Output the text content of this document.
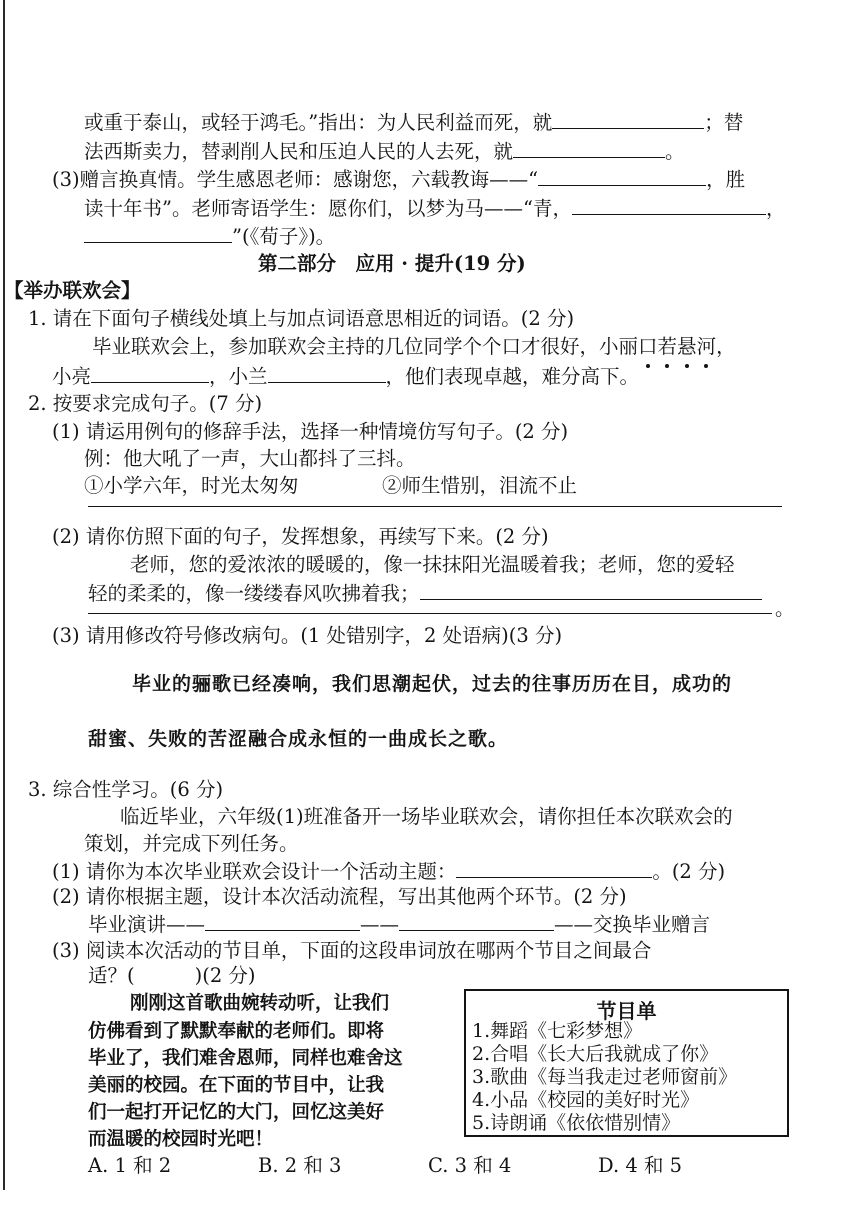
或重于泰山，或轻于鸿毛。”指出：为人民利益而死，就	；替
法西斯卖力，替剥削人民和压迫人民的人去死，就	。
(3)赠言换真情。学生感恩老师：感谢您，六载教诲——“	，胜
读十年书”。老师寄语学生：愿你们，以梦为马——“青，	，
”(《荀子》)。
第二部分　应用 · 提升(19 分)
【举办联欢会】
1. 请在下面句子横线处填上与加点词语意思相近的词语。(2 分)
毕业联欢会上，参加联欢会主持的几位同学个个口才很好，小丽口若悬河，
小亮	，小兰	，他们表现卓越，难分高下。
2. 按要求完成句子。(7 分)
(1) 请运用例句的修辞手法，选择一种情境仿写句子。(2 分)
例：他大吼了一声，大山都抖了三抖。
①小学六年，时光太匆匆	②师生惜别，泪流不止
(2) 请你仿照下面的句子，发挥想象，再续写下来。(2 分)
老师，您的爱浓浓的暖暖的，像一抹抹阳光温暖着我；老师，您的爱轻
轻的柔柔的，像一缕缕春风吹拂着我；
。
(3) 请用修改符号修改病句。(1 处错别字，2 处语病)(3 分)
毕业的骊歌已经凑响，我们思潮起伏，过去的往事历历在目，成功的
甜蜜、失败的苦涩融合成永恒的一曲成长之歌。
3. 综合性学习。(6 分)
临近毕业，六年级(1)班准备开一场毕业联欢会，请你担任本次联欢会的
策划，并完成下列任务。
(1) 请你为本次毕业联欢会设计一个活动主题：	。(2 分)
(2) 请你根据主题，设计本次活动流程，写出其他两个环节。(2 分)
毕业演讲——	——	——交换毕业赠言
(3) 阅读本次活动的节目单，下面的这段串词放在哪两个节目之间最合
适？(	)(2 分)
刚刚这首歌曲婉转动听，让我们
仿佛看到了默默奉献的老师们。即将
毕业了，我们难舍恩师，同样也难舍这
美丽的校园。在下面的节目中，让我
们一起打开记忆的大门，回忆这美好
而温暖的校园时光吧！
节目单
1.舞蹈《七彩梦想》
2.合唱《长大后我就成了你》
3.歌曲《每当我走过老师窗前》
4.小品《校园的美好时光》
5.诗朗诵《依依惜别情》
A. 1 和 2	B. 2 和 3	C. 3 和 4	D. 4 和 5
